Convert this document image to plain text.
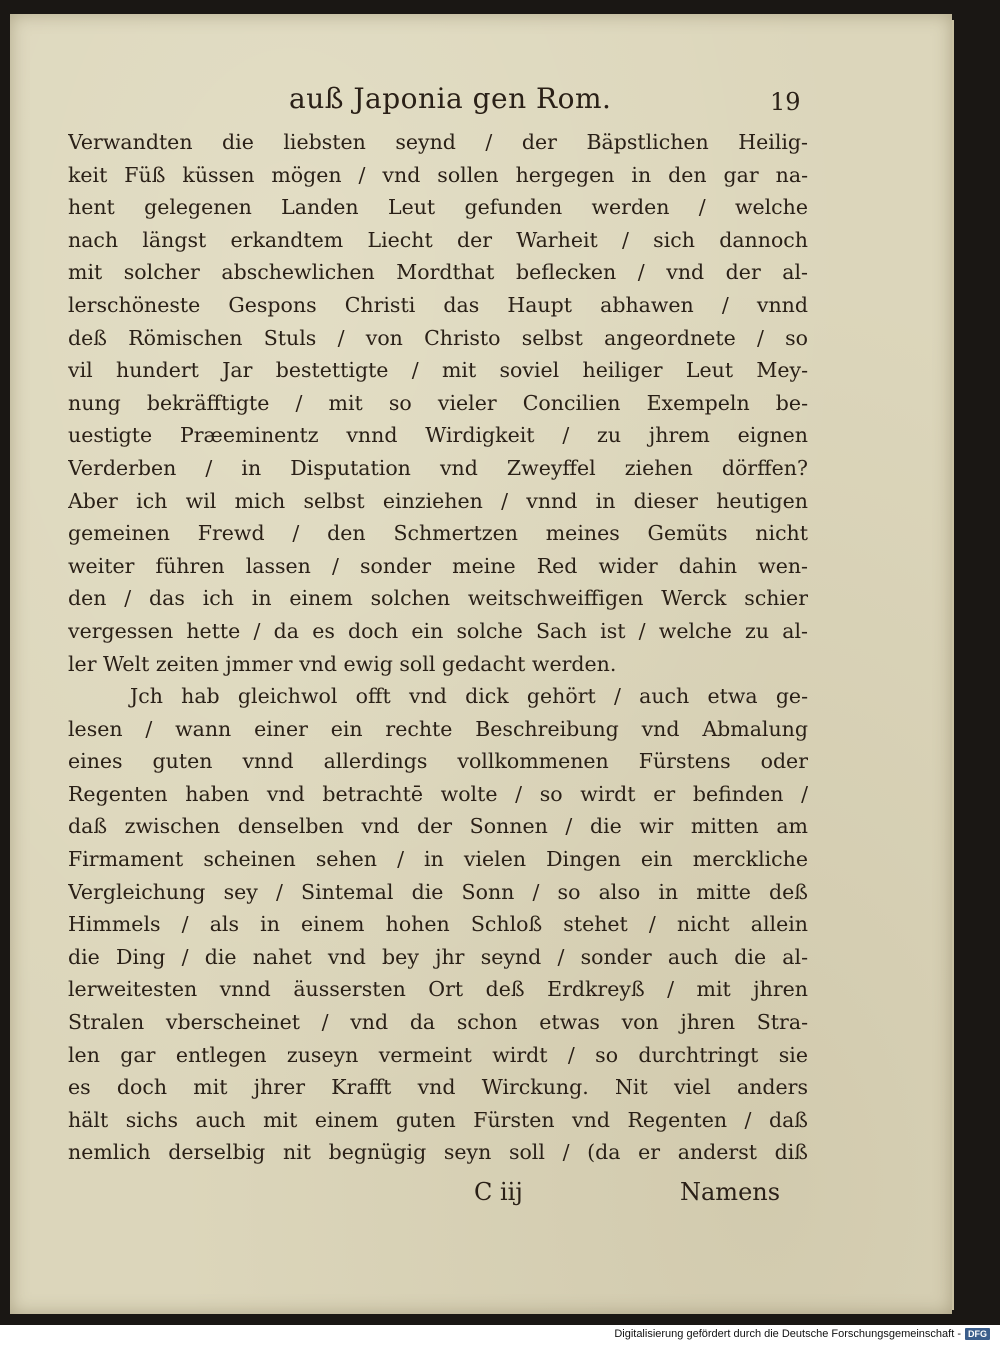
auß Japonia gen Rom.	19
Verwandten die liebsten seynd / der Bäpstlichen Heilig-
keit Füß küssen mögen / vnd sollen hergegen in den gar na-
hent gelegenen Landen Leut gefunden werden / welche
nach längst erkandtem Liecht der Warheit / sich dannoch
mit solcher abschewlichen Mordthat beflecken / vnd der al-
lerschöneste Gespons Christi das Haupt abhawen / vnnd
deß Römischen Stuls / von Christo selbst angeordnete / so
vil hundert Jar bestettigte / mit soviel heiliger Leut Mey-
nung bekräfftigte / mit so vieler Concilien Exempeln be-
uestigte Præeminentz vnnd Wirdigkeit / zu jhrem eignen
Verderben / in Disputation vnd Zweyffel ziehen dörffen?
Aber ich wil mich selbst einziehen / vnnd in dieser heutigen
gemeinen Frewd / den Schmertzen meines Gemüts nicht
weiter führen lassen / sonder meine Red wider dahin wen-
den / das ich in einem solchen weitschweiffigen Werck schier
vergessen hette / da es doch ein solche Sach ist / welche zu al-
ler Welt zeiten jmmer vnd ewig soll gedacht werden.
Jch hab gleichwol offt vnd dick gehört / auch etwa ge-
lesen / wann einer ein rechte Beschreibung vnd Abmalung
eines guten vnnd allerdings vollkommenen Fürstens oder
Regenten haben vnd betrachtē wolte / so wirdt er befinden /
daß zwischen denselben vnd der Sonnen / die wir mitten am
Firmament scheinen sehen / in vielen Dingen ein merckliche
Vergleichung sey / Sintemal die Sonn / so also in mitte deß
Himmels / als in einem hohen Schloß stehet / nicht allein
die Ding / die nahet vnd bey jhr seynd / sonder auch die al-
lerweitesten vnnd äussersten Ort deß Erdkreyß / mit jhren
Stralen vberscheinet / vnd da schon etwas von jhren Stra-
len gar entlegen zuseyn vermeint wirdt / so durchtringt sie
es doch mit jhrer Krafft vnd Wirckung. Nit viel anders
hält sichs auch mit einem guten Fürsten vnd Regenten / daß
nemlich derselbig nit begnügig seyn soll / (da er anderst diß
C iij	Namens
Digitalisierung gefördert durch die Deutsche Forschungsgemeinschaft - DFG
